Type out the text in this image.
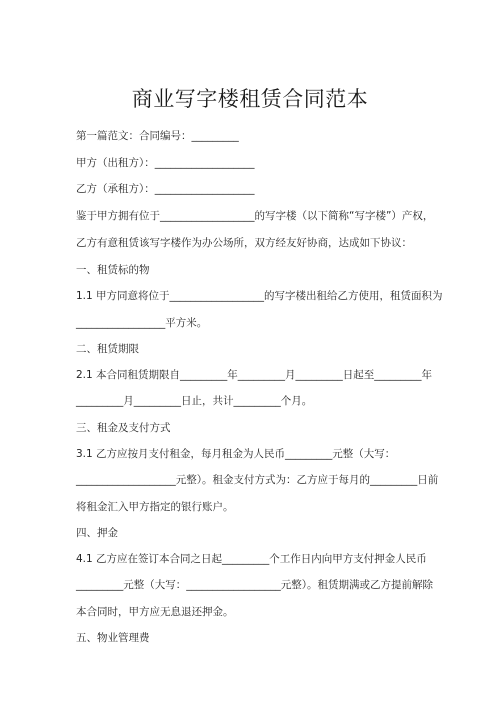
商业写字楼租赁合同范本
第一篇范文：合同编号：_________
甲方（出租方）：___________________
乙方（承租方）：___________________
鉴于甲方拥有位于__________________的写字楼（以下简称“写字楼”）产权，
乙方有意租赁该写字楼作为办公场所，双方经友好协商，达成如下协议：
一、租赁标的物
1.1 甲方同意将位于__________________的写字楼出租给乙方使用，租赁面积为
_________________平方米。
二、租赁期限
2.1 本合同租赁期限自_________年_________月_________日起至_________年
_________月_________日止，共计_________个月。
三、租金及支付方式
3.1 乙方应按月支付租金，每月租金为人民币_________元整（大写：
___________________元整）。租金支付方式为：乙方应于每月的_________日前
将租金汇入甲方指定的银行账户。
四、押金
4.1 乙方应在签订本合同之日起_________个工作日内向甲方支付押金人民币
_________元整（大写：__________________元整）。租赁期满或乙方提前解除
本合同时，甲方应无息退还押金。
五、物业管理费
